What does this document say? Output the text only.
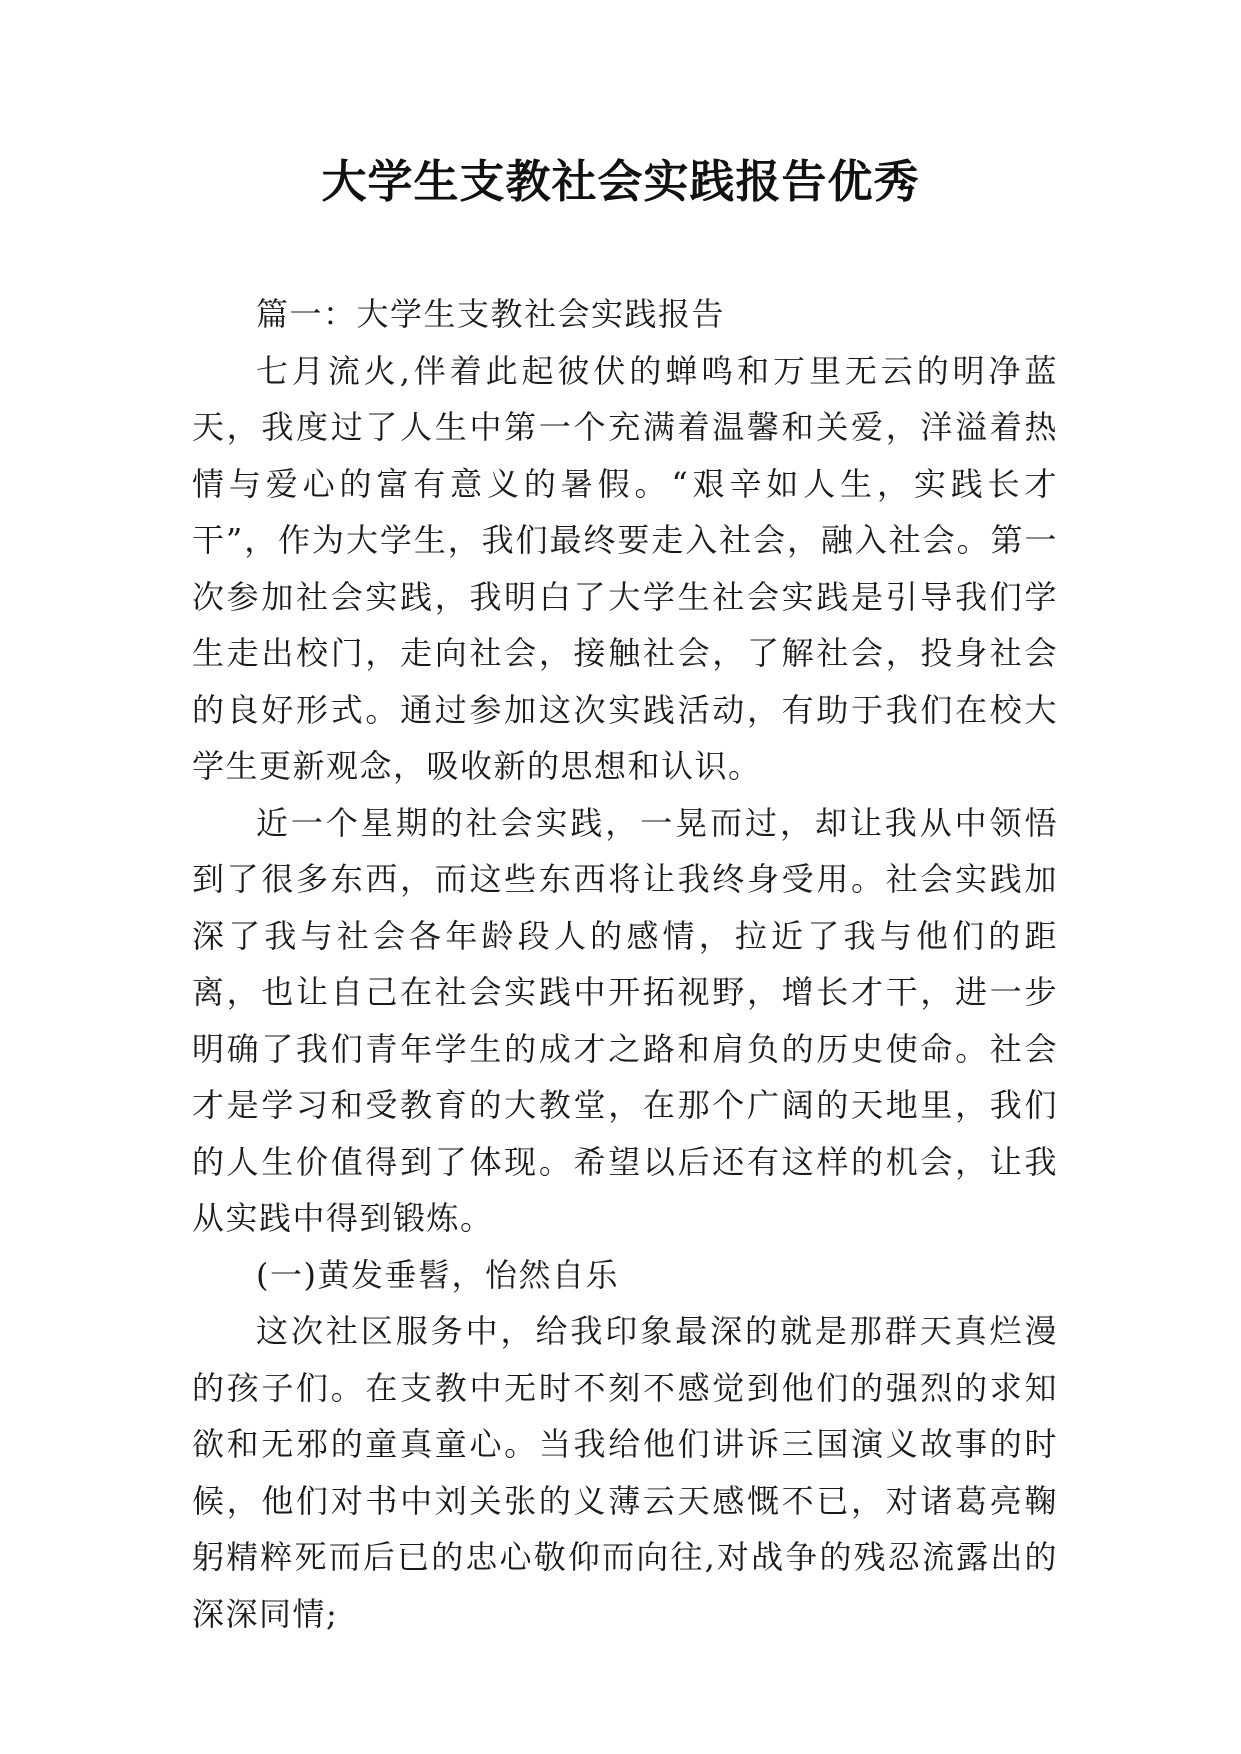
大学生支教社会实践报告优秀

篇一：大学生支教社会实践报告

七月流火,伴着此起彼伏的蝉鸣和万里无云的明净蓝天，我度过了人生中第一个充满着温馨和关爱，洋溢着热情与爱心的富有意义的暑假。“艰辛如人生，实践长才干”，作为大学生，我们最终要走入社会，融入社会。第一次参加社会实践，我明白了大学生社会实践是引导我们学生走出校门，走向社会，接触社会，了解社会，投身社会的良好形式。通过参加这次实践活动，有助于我们在校大学生更新观念，吸收新的思想和认识。

近一个星期的社会实践，一晃而过，却让我从中领悟到了很多东西，而这些东西将让我终身受用。社会实践加深了我与社会各年龄段人的感情，拉近了我与他们的距离，也让自己在社会实践中开拓视野，增长才干，进一步明确了我们青年学生的成才之路和肩负的历史使命。社会才是学习和受教育的大教堂，在那个广阔的天地里，我们的人生价值得到了体现。希望以后还有这样的机会，让我从实践中得到锻炼。

(一)黄发垂髫，怡然自乐

这次社区服务中，给我印象最深的就是那群天真烂漫的孩子们。在支教中无时不刻不感觉到他们的强烈的求知欲和无邪的童真童心。当我给他们讲诉三国演义故事的时候，他们对书中刘关张的义薄云天感慨不已，对诸葛亮鞠躬精粹死而后已的忠心敬仰而向往,对战争的残忍流露出的深深同情;
